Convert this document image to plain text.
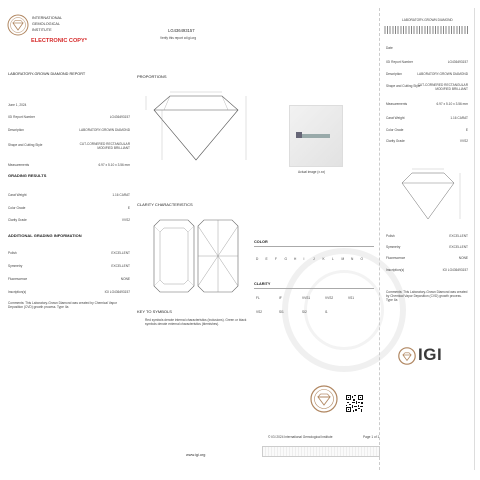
INTERNATIONAL
GEMOLOGICAL
INSTITUTE
ELECTRONIC COPY*
LG436493157
Verify this report at igi.org
LABORATORY-GROWN DIAMOND REPORT
June 1, 2024
IGI Report Number	LG436493157
Description	LABORATORY-GROWN DIAMOND
Shape and Cutting Style	CUT-CORNERED RECTANGULAR MODIFIED BRILLIANT
Measurements	6.97 x 5.10 x 3.56 mm
GRADING RESULTS
Carat Weight	1.16 CARAT
Color Grade	E
Clarity Grade	VVS2
ADDITIONAL GRADING INFORMATION
Polish	EXCELLENT
Symmetry	EXCELLENT
Fluorescence	NONE
Inscription(s)	IGI LG436493157
Comments: This Laboratory-Grown Diamond was created by Chemical Vapor Deposition (CVD) growth process. Type IIa
PROPORTIONS
Actual image (x.xx)
CLARITY CHARACTERISTICS
KEY TO SYMBOLS
Red symbols denote internal characteristics (inclusions). Green or black symbols denote external characteristics (blemishes).
www.igi.org
COLOR
D E F G H I	J K L M N O
CLARITY
FL	IF	VVS1	VVS2	VS1
VS2	SI1	SI2	I1
© IGI 2024 International Gemological Institute	Page 1 of 1
LABORATORY-GROWN DIAMOND
Date
IGI Report Number	LG436493157
Description	LABORATORY-GROWN DIAMOND
Shape and Cutting Style
CUT-CORNERED RECTANGULAR MODIFIED BRILLIANT
Measurements	6.97 x 5.10 x 3.56 mm
Carat Weight	1.16 CARAT
Color Grade	E
Clarity Grade	VVS2
Polish	EXCELLENT
Symmetry	EXCELLENT
Fluorescence	NONE
Inscription(s)	IGI LG436493157
Comments: This Laboratory-Grown Diamond was created by Chemical Vapor Deposition (CVD) growth process. Type IIa
IGI
